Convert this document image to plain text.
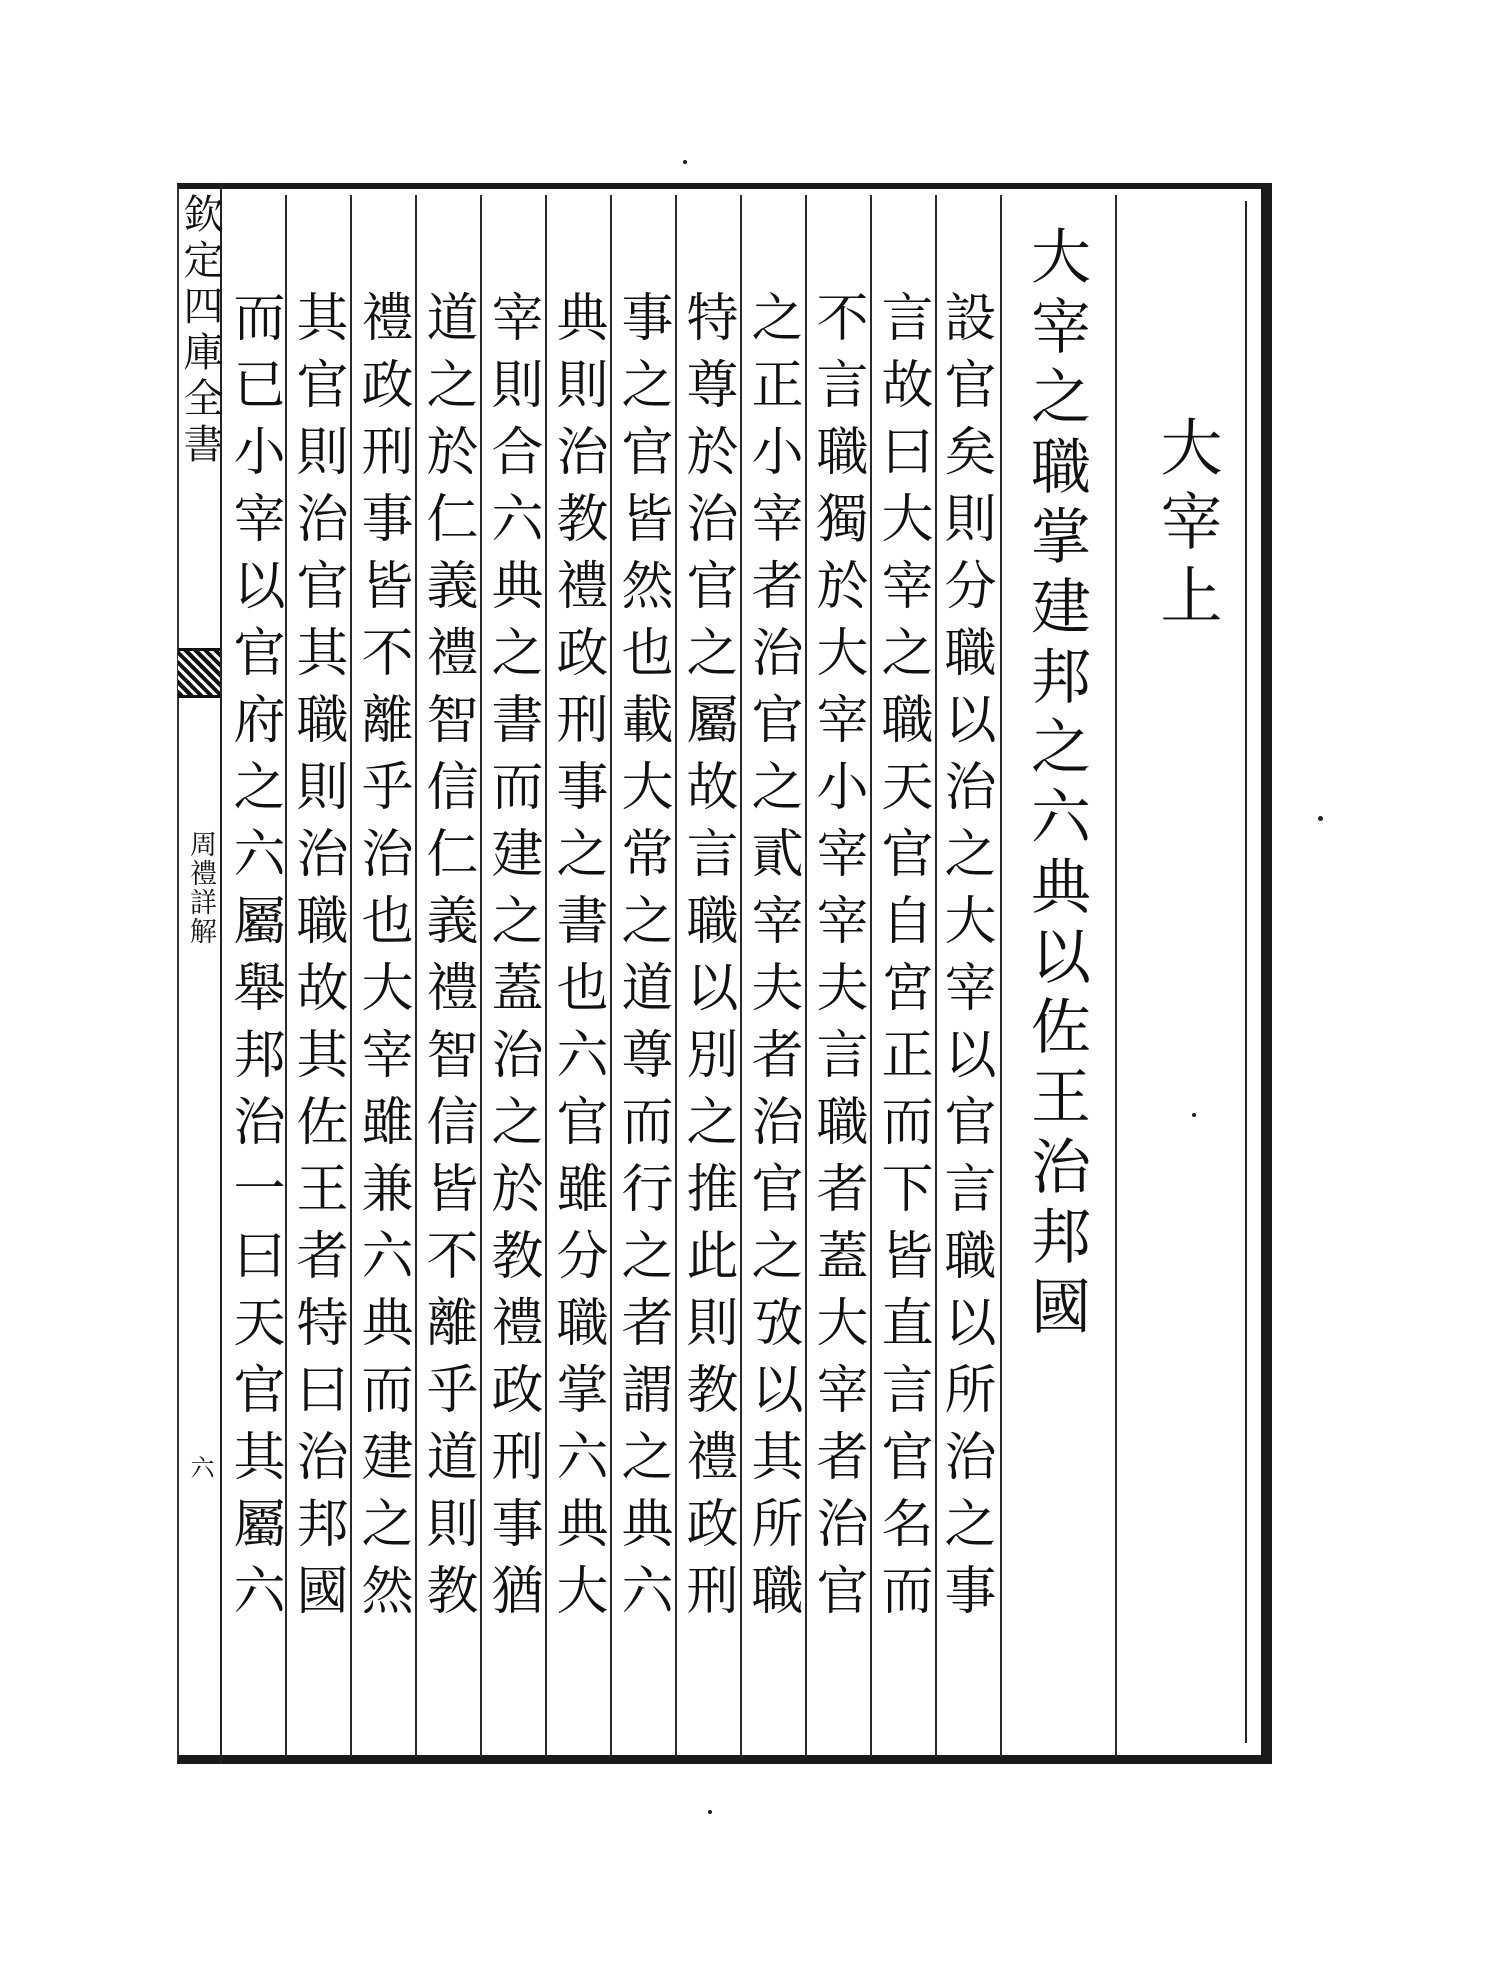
欽定四庫全書
周禮詳解
六
大宰上
大宰之職掌建邦之六典以佐王治邦國
設官矣則分職以治之大宰以官言職以所治之事
言故曰大宰之職天官自宮正而下皆直言官名而
不言職獨於大宰小宰宰夫言職者蓋大宰者治官
之正小宰者治官之貳宰夫者治官之攷以其所職
特尊於治官之屬故言職以別之推此則教禮政刑
事之官皆然也載大常之道尊而行之者謂之典六
典則治教禮政刑事之書也六官雖分職掌六典大
宰則合六典之書而建之蓋治之於教禮政刑事猶
道之於仁義禮智信仁義禮智信皆不離乎道則教
禮政刑事皆不離乎治也大宰雖兼六典而建之然
其官則治官其職則治職故其佐王者特曰治邦國
而已小宰以官府之六屬舉邦治一曰天官其屬六
